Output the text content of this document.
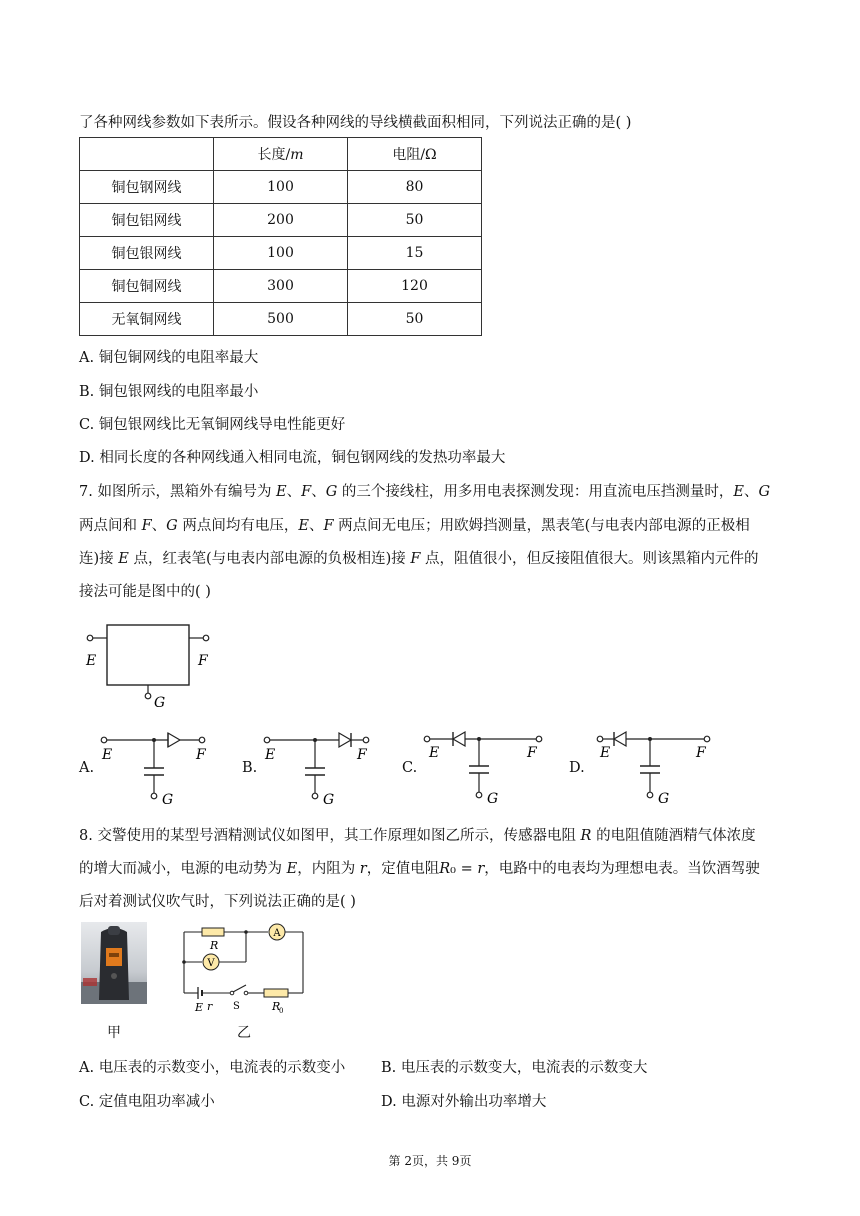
了各种网线参数如下表所示。假设各种网线的导线横截面积相同，下列说法正确的是( )
	长度/𝑚	电阻/Ω
铜包钢网线	100	80
铜包铝网线	200	50
铜包银网线	100	15
铜包铜网线	300	120
无氧铜网线	500	50
A. 铜包铜网线的电阻率最大
B. 铜包银网线的电阻率最小
C. 铜包银网线比无氧铜网线导电性能更好
D. 相同长度的各种网线通入相同电流，铜包钢网线的发热功率最大
7. 如图所示，黑箱外有编号为 𝐸、𝐹、𝐺 的三个接线柱，用多用电表探测发现：用直流电压挡测量时，𝐸、𝐺
两点间和 𝐹、𝐺 两点间均有电压，𝐸、𝐹 两点间无电压；用欧姆挡测量，黑表笔(与电表内部电源的正极相
连)接 𝐸 点，红表笔(与电表内部电源的负极相连)接 𝐹 点，阻值很小，但反接阻值很大。则该黑箱内元件的
接法可能是图中的( )
E	F
G
A.
E	F
G
B.
E	F
G
C.
E	F
G
D.
E	F
G
8. 交警使用的某型号酒精测试仪如图甲，其工作原理如图乙所示，传感器电阻 𝑅 的电阻值随酒精气体浓度
的增大而减小，电源的电动势为 𝐸，内阻为 𝑟，定值电阻𝑅₀ = 𝑟，电路中的电表均为理想电表。当饮酒驾驶
后对着测试仪吹气时，下列说法正确的是( )
甲
A
R
V
E r S	R
0
乙
A. 电压表的示数变小，电流表的示数变小 B. 电压表的示数变大，电流表的示数变大
C. 定值电阻功率减小	D. 电源对外输出功率增大
第 2页，共 9页
